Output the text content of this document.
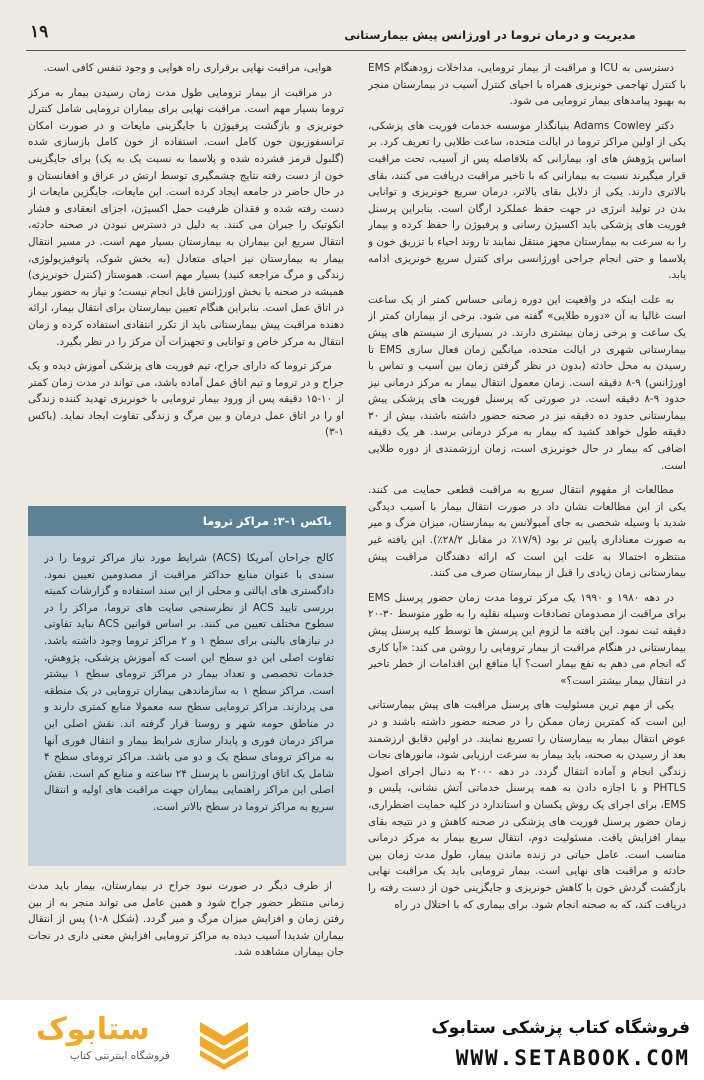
١٩	مدیریت و درمان تروما در اورژانس پیش بیمارستانی

دسترسی به ICU و مراقبت از بیمار ترومایی، مداخلات زودهنگام EMS با کنترل تهاجمی خونریزی همراه با احیای کنترل آسیب در بیمارستان منجر به بهبود پیامدهای بیمار ترومایی می شود.

دکتر Adams Cowley بنیانگذار موسسه خدمات فوریت های پزشکی، یکی از اولین مراکز تروما در ایالت متحده، ساعت طلایی را تعریف کرد. بر اساس پژوهش های او، بیمارانی که بلافاصله پس از آسیب، تحت مراقبت قرار میگیرند نسبت به بیمارانی که با تاخیر مراقبت دریافت می کنند، بقای بالاتری دارند. یکی از دلایل بقای بالاتر، درمان سریع خونریزی و توانایی بدن در تولید انرژی در جهت حفظ عملکرد ارگان است. بنابراین پرسنل فوریت های پزشکی باید اکسیژن رسانی و پرفیوژن را حفظ کرده و بیمار را به سرعت به بیمارستان مجهز منتقل نمایند تا روند احیاء با تزریق خون و پلاسما و حتی انجام جراحی اورژانسی برای کنترل سریع خونریزی ادامه یابد.

به علت اینکه در واقعیت این دوره زمانی حساس کمتر از یک ساعت است غالبا به آن «دوره طلایی» گفته می شود. برخی از بیماران کمتر از یک ساعت و برخی زمان بیشتری دارند. در بسیاری از سیستم های پیش بیمارستانی شهری در ایالت متحده، میانگین زمان فعال سازی EMS تا رسیدن به محل حادثه (بدون در نظر گرفتن زمان بین آسیب و تماس با اورژانس) ۹-۸ دقیقه است. زمان معمول انتقال بیمار به مرکز درمانی نیز حدود ۹-۸ دقیقه است. در صورتی که پرسنل فوریت های پزشکی پیش بیمارستانی حدود ده دقیقه نیز در صحنه حضور داشته باشند، بیش از ۳۰ دقیقه طول خواهد کشید که بیمار به مرکز درمانی برسد. هر یک دقیقه اضافی که بیمار در حال خونریزی است، زمان ارزشمندی از دوره طلایی است.

مطالعات از مفهوم انتقال سریع به مراقبت قطعی حمایت می کنند. یکی از این مطالعات نشان داد در صورت انتقال بیمار با آسیب دیدگی شدید با وسیله شخصی به جای آمبولانس به بیمارستان، میزان مرگ و میر به صورت معناداری پایین تر بود (۱۷/۹٪ در مقابل ۲۸/۲٪). این یافته غیر منتظره احتمالا به علت این است که ارائه دهندگان مراقبت پیش بیمارستانی زمان زیادی را قبل از بیمارستان صرف می کنند.

در دهه ۱۹۸۰ و ۱۹۹۰ یک مرکز تروما مدت زمان حضور پرسنل EMS برای مراقبت از مصدومان تصادفات وسیله نقلیه را به طور متوسط ۳۰-۲۰ دقیقه ثبت نمود. این یافته ما لزوم این پرسش ها توسط کلیه پرسنل پیش بیمارستانی در هنگام مراقبت از بیمار ترومایی را روشن می کند: «آیا کاری که انجام می دهم به نفع بیمار است؟ آیا منافع این اقدامات از خطر تاخیر در انتقال بیمار بیشتر است؟»

یکی از مهم ترین مسئولیت های پرسنل مراقبت های پیش بیمارستانی این است که کمترین زمان ممکن را در صحنه حضور داشته باشند و در عوض انتقال بیمار به بیمارستان را تسریع نمایند. در اولین دقایق ارزشمند بعد از رسیدن به صحنه، باید بیمار به سرعت ارزیابی شود، مانورهای نجات زندگی انجام و آماده انتقال گردد. در دهه ۲۰۰۰ به دنبال اجرای اصول PHTLS و با اجازه دادن به همه پرسنل خدماتی آتش نشانی، پلیس و EMS، برای اجرای یک روش یکسان و استاندارد در کلیه حمایت اضطراری، زمان حضور پرسنل فوریت های پزشکی در صحنه کاهش و در نتیجه بقای بیمار افزایش یافت. مسئولیت دوم، انتقال سریع بیمار به مرکز درمانی مناسب است. عامل حیاتی در زنده ماندن بیمار، طول مدت زمان بین حادثه و مراقبت های نهایی است. بیمار ترومایی باید یک مراقبت نهایی بازگشت گردش خون با کاهش خونریزی و جایگزینی خون از دست رفته را دریافت کند، که به صحنه انجام شود. برای بیماری که با اختلال در راه

هوایی، مراقبت نهایی برقراری راه هوایی و وجود تنفس کافی است.

در مراقبت از بیمار ترومایی طول مدت زمان رسیدن بیمار به مرکز تروما بسیار مهم است. مراقبت نهایی برای بیماران ترومایی شامل کنترل خونریزی و بازگشت پرفیوژن با جایگزینی مایعات و در صورت امکان ترانسفوزیون خون کامل است. استفاده از خون کامل بازسازی شده (گلبول قرمز فشرده شده و پلاسما به نسبت یک به یک) برای جایگزینی خون از دست رفته نتایج چشمگیری توسط ارتش در عراق و افغانستان و در حال حاضر در جامعه ایجاد کرده است. این مایعات، جایگزین مایعات از دست رفته شده و فقدان ظرفیت حمل اکسیژن، اجزای انعقادی و فشار انکوتیک را جبران می کنند. به دلیل در دسترس نبودن در صحنه حادثه، انتقال سریع این بیماران به بیمارستان بسیار مهم است. در مسیر انتقال بیمار به بیمارستان نیز احیای متعادل (به بخش شوک، پاتوفیزیولوژی، زندگی و مرگ مراجعه کنید) بسیار مهم است. هموستاز (کنترل خونریزی) همیشه در صحنه یا بخش اورژانس قابل انجام نیست؛ و نیاز به حضور بیمار در اتاق عمل است. بنابراین هنگام تعیین بیمارستان برای انتقال بیمار، ارائه دهنده مراقبت پیش بیمارستانی باید از تکرر انتقادی استفاده کرده و زمان انتقال به مرکز خاص و توانایی و تجهیزات آن مرکز را در نظر بگیرد.

مرکز تروما که دارای جراح، تیم فوریت های پزشکی آموزش دیده و یک جراح و در تروما و تیم اتاق عمل آماده باشد، می تواند در مدت زمان کمتر از ۱۰-۱۵ دقیقه پس از ورود بیمار ترومایی با خونریزی تهدید کننده زندگی او را در اتاق عمل درمان و بین مرگ و زندگی تفاوت ایجاد نماید. (باکس ۱-۳)

باکس ۱-۳: مراکز تروما
کالج جراحان آمریکا (ACS) شرایط مورد نیاز مراکز تروما را در سندی با عنوان منابع حداکثر مراقبت از مصدومین تعیین نمود. دادگستری های ایالتی و محلی از این سند استفاده و گزارشات کمیته بررسی تایید ACS از نظرسنجی سایت های تروما، مراکز را در سطوح مختلف تعیین می کنند. بر اساس قوانین ACS نباید تفاوتی در نیازهای بالینی برای سطح ۱ و ۲ مراکز تروما وجود داشته باشد. تفاوت اصلی این دو سطح این است که آموزش پزشکی، پژوهش، خدمات تخصصی و تعداد بیمار در مراکز ترومای سطح ۱ بیشتر است. مراکز سطح ۱ به سازماندهی بیماران ترومایی در یک منطقه می پردازند. مراکز ترومایی سطح سه معمولا منابع کمتری دارند و در مناطق حومه شهر و روستا قرار گرفته اند. نقش اصلی این مراکز درمان فوری و پایدار سازی شرایط بیمار و انتقال فوری آنها به مراکز ترومای سطح یک و دو می باشد. مراکز ترومای سطح ۴ شامل یک اتاق اورژانس با پرسنل ۲۴ ساعته و منابع کم است. نقش اصلی این مراکز راهنمایی بیماران جهت مراقبت های اولیه و انتقال سریع به مراکز تروما در سطح بالاتر است.

از طرف دیگر در صورت نبود جراح در بیمارستان، بیمار باید مدت زمانی منتظر حضور جراح شود و همین عامل می تواند منجر به از بین رفتن زمان و افزایش میزان مرگ و میر گردد. (شکل ۸-۱) پس از انتقال بیماران شدیدا آسیب دیده به مراکز ترومایی افزایش معنی داری در نجات جان بیماران مشاهده شد.

ستابوک
فروشگاه اینترنتی کتاب
فروشگاه کتاب پزشکی ستابوک
WWW.SETABOOK.COM
